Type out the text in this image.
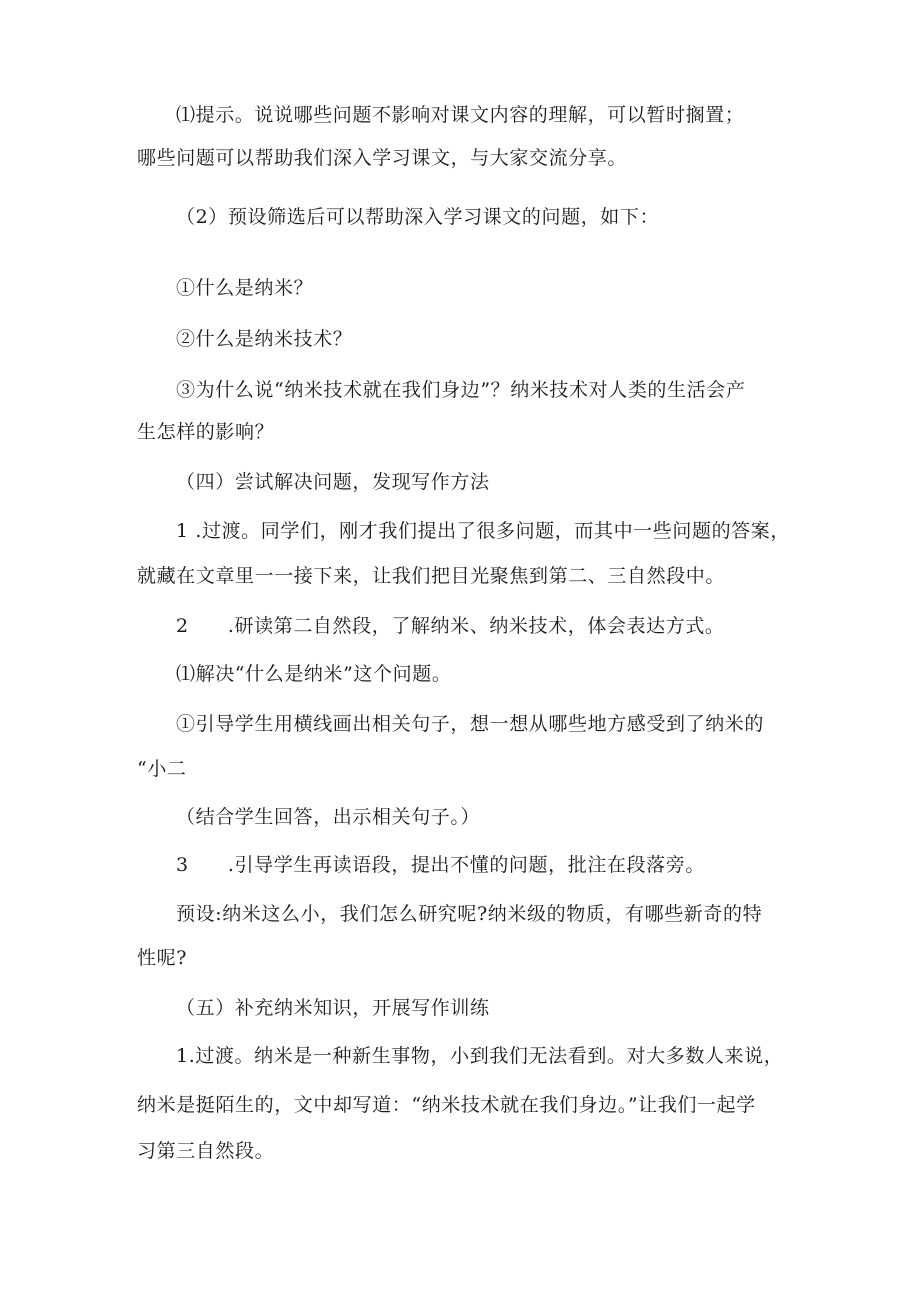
⑴提示。说说哪些问题不影响对课文内容的理解，可以暂时搁置；

哪些问题可以帮助我们深入学习课文，与大家交流分享。

（2）预设筛选后可以帮助深入学习课文的问题，如下：

①什么是纳米？

②什么是纳米技术？

③为什么说“纳米技术就在我们身边”？纳米技术对人类的生活会产

生怎样的影响？

（四）尝试解决问题，发现写作方法

1 .过渡。同学们，刚才我们提出了很多问题，而其中一些问题的答案，

就藏在文章里一一接下来，让我们把目光聚焦到第二、三自然段中。

2　　.研读第二自然段，了解纳米、纳米技术，体会表达方式。

⑴解决“什么是纳米”这个问题。

①引导学生用横线画出相关句子，想一想从哪些地方感受到了纳米的

“小二

（结合学生回答，出示相关句子。）

3　　.引导学生再读语段，提出不懂的问题，批注在段落旁。

预设:纳米这么小，我们怎么研究呢?纳米级的物质，有哪些新奇的特

性呢?

（五）补充纳米知识，开展写作训练

1.过渡。纳米是一种新生事物，小到我们无法看到。对大多数人来说，

纳米是挺陌生的，文中却写道：“纳米技术就在我们身边。”让我们一起学

习第三自然段。
